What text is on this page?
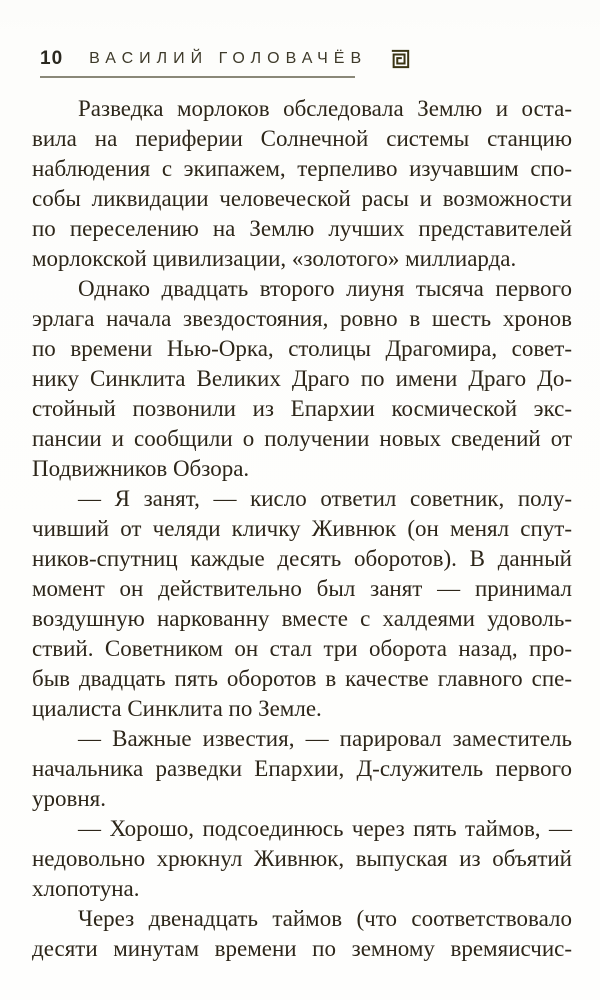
10 ВАСИЛИЙ ГОЛОВАЧЁВ

Разведка морлоков обследовала Землю и оста-
вила на периферии Солнечной системы станцию
наблюдения с экипажем, терпеливо изучавшим спо-
собы ликвидации человеческой расы и возможности
по переселению на Землю лучших представителей
морлокской цивилизации, «золотого» миллиарда.

Однако двадцать второго лиуня тысяча первого
эрлага начала звездостояния, ровно в шесть хронов
по времени Нью-Орка, столицы Драгомира, совет-
нику Синклита Великих Драго по имени Драго До-
стойный позвонили из Епархии космической экс-
пансии и сообщили о получении новых сведений от
Подвижников Обзора.

— Я занят, — кисло ответил советник, полу-
чивший от челяди кличку Живнюк (он менял спут-
ников-спутниц каждые десять оборотов). В данный
момент он действительно был занят — принимал
воздушную наркованну вместе с халдеями удоволь-
ствий. Советником он стал три оборота назад, про-
быв двадцать пять оборотов в качестве главного спе-
циалиста Синклита по Земле.

— Важные известия, — парировал заместитель
начальника разведки Епархии, Д-служитель первого
уровня.

— Хорошо, подсоединюсь через пять таймов, —
недовольно хрюкнул Живнюк, выпуская из объятий
хлопотуна.

Через двенадцать таймов (что соответствовало
десяти минутам времени по земному времяисчис-
